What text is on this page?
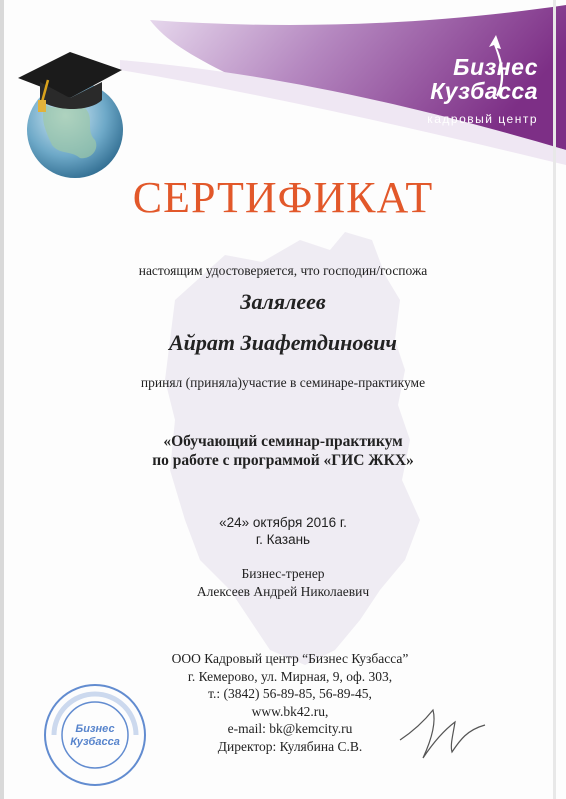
Бизнес
Кузбасса
кадровый центр
СЕРТИФИКАТ
настоящим удостоверяется, что господин/госпожа
Залялеев
Айрат Зиафетдинович
принял (приняла)участие в семинаре-практикуме
«Обучающий семинар-практикум
по работе с программой «ГИС ЖКХ»
«24» октября 2016 г.
г. Казань
Бизнес-тренер
Алексеев Андрей Николаевич
ООО Кадровый центр “Бизнес Кузбасса”
г. Кемерово, ул. Мирная, 9, оф. 303,
т.: (3842) 56-89-85, 56-89-45,
www.bk42.ru,
e-mail: bk@kemcity.ru
Директор: Кулябина С.В.
Бизнес
Кузбасса
